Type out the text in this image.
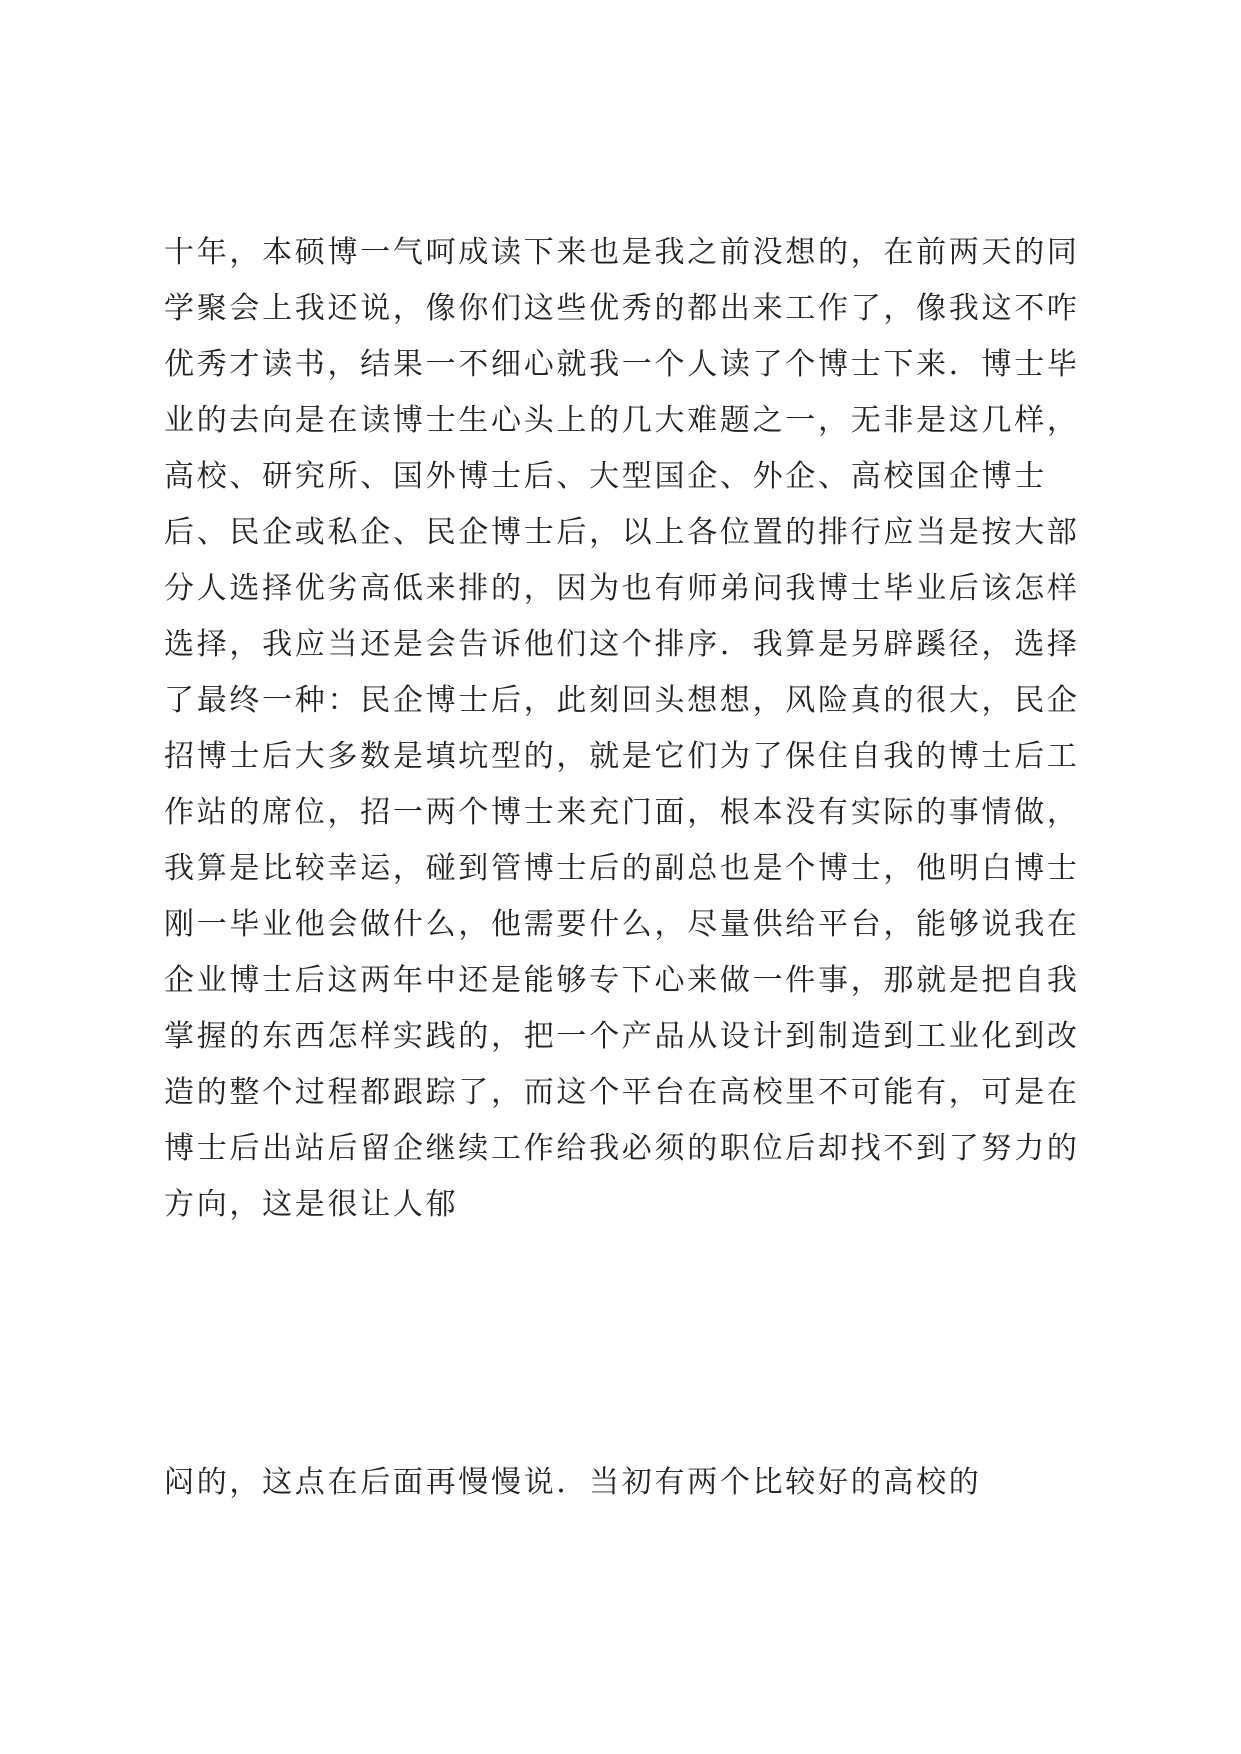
十年，本硕博一气呵成读下来也是我之前没想的，在前两天的同
学聚会上我还说，像你们这些优秀的都出来工作了，像我这不咋
优秀才读书，结果一不细心就我一个人读了个博士下来．博士毕
业的去向是在读博士生心头上的几大难题之一，无非是这几样，
高校、研究所、国外博士后、大型国企、外企、高校国企博士
后、民企或私企、民企博士后，以上各位置的排行应当是按大部
分人选择优劣高低来排的，因为也有师弟问我博士毕业后该怎样
选择，我应当还是会告诉他们这个排序．我算是另辟蹊径，选择
了最终一种：民企博士后，此刻回头想想，风险真的很大，民企
招博士后大多数是填坑型的，就是它们为了保住自我的博士后工
作站的席位，招一两个博士来充门面，根本没有实际的事情做，
我算是比较幸运，碰到管博士后的副总也是个博士，他明白博士
刚一毕业他会做什么，他需要什么，尽量供给平台，能够说我在
企业博士后这两年中还是能够专下心来做一件事，那就是把自我
掌握的东西怎样实践的，把一个产品从设计到制造到工业化到改
造的整个过程都跟踪了，而这个平台在高校里不可能有，可是在
博士后出站后留企继续工作给我必须的职位后却找不到了努力的
方向，这是很让人郁
闷的，这点在后面再慢慢说．当初有两个比较好的高校的
